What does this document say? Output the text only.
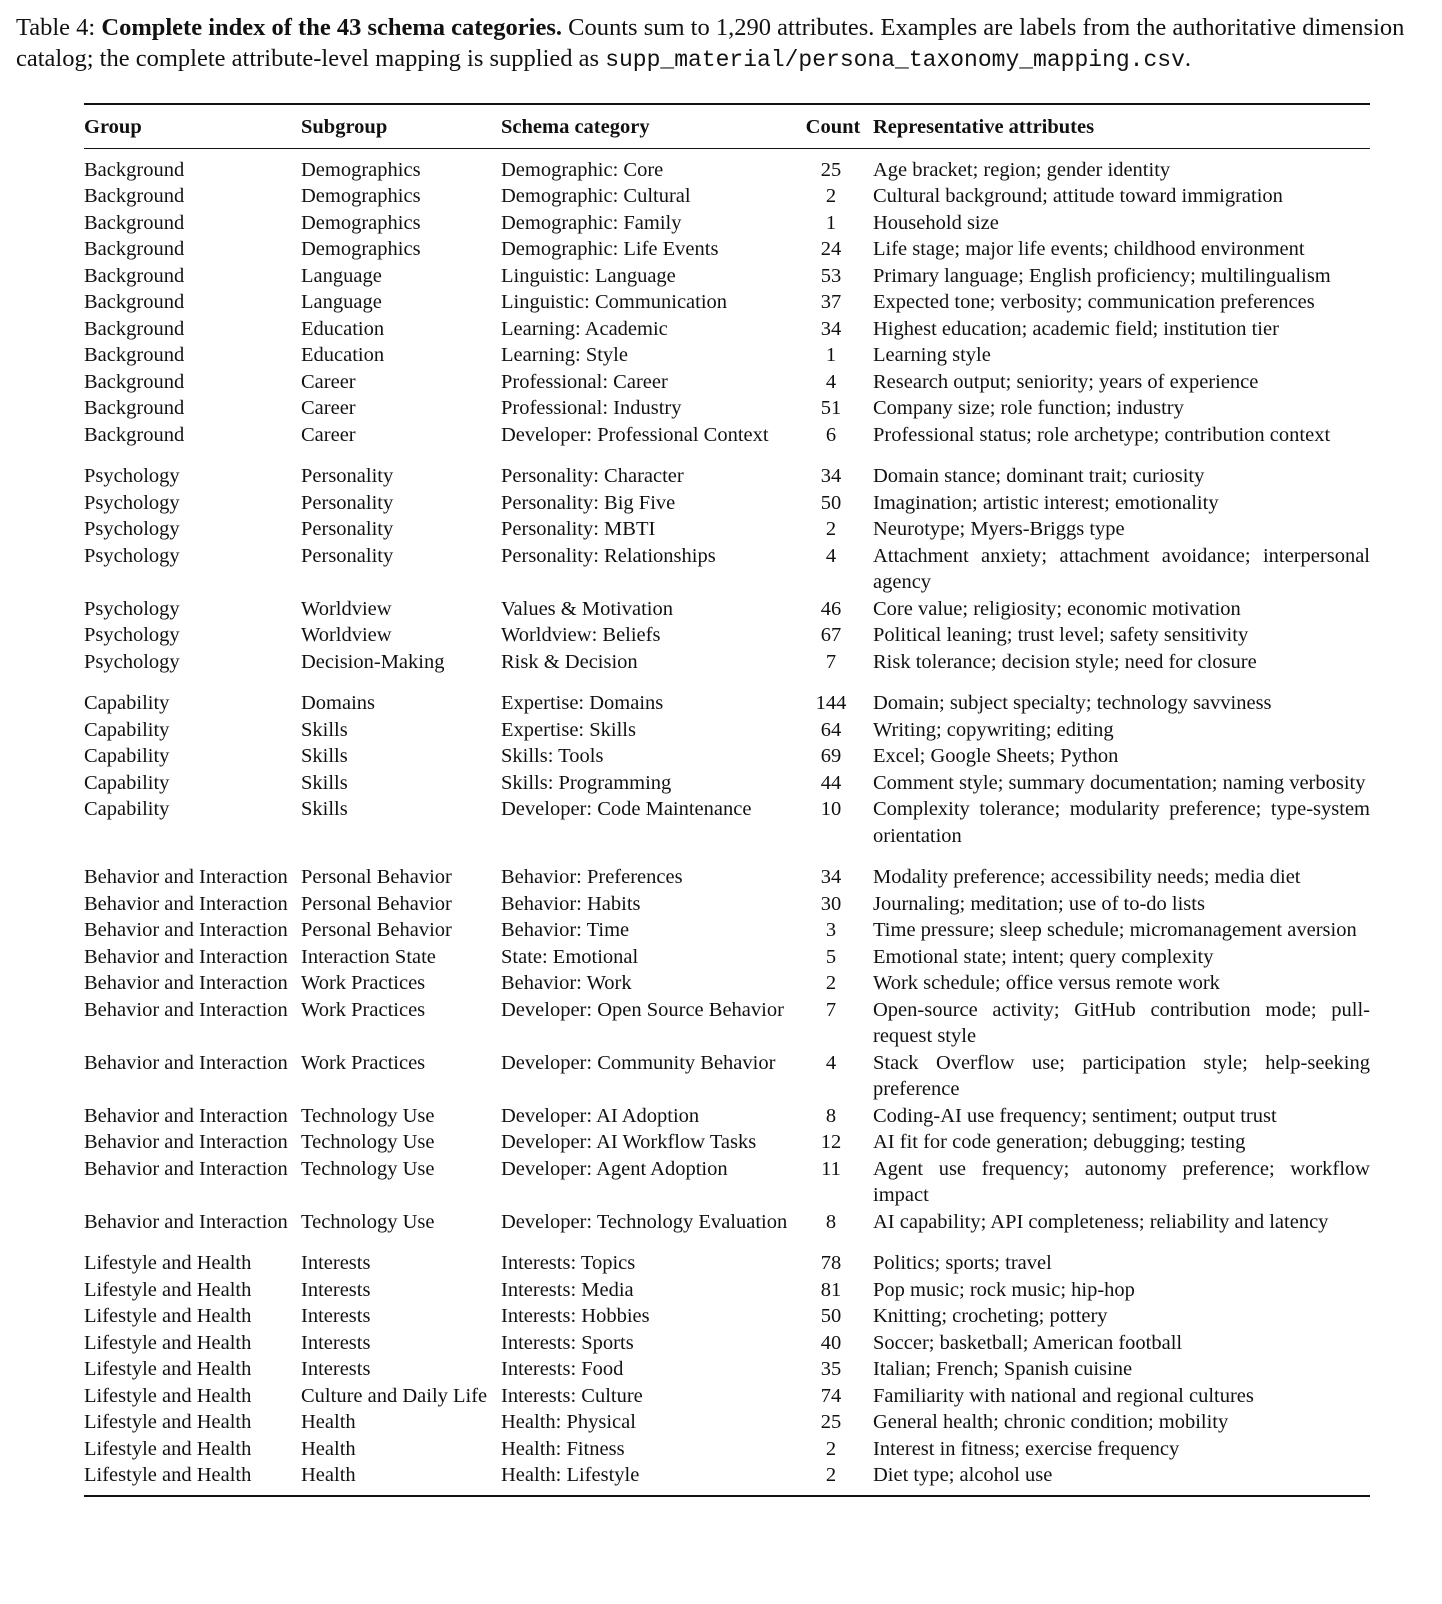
Table 4: Complete index of the 43 schema categories. Counts sum to 1,290 attributes. Examples are labels from the authoritative dimension catalog; the complete attribute-level mapping is supplied as supp_material/persona_taxonomy_mapping.csv.
Group	Subgroup	Schema category	Count	Representative attributes

Background	Demographics	Demographic: Core	25	Age bracket; region; gender identity
Background	Demographics	Demographic: Cultural	2	Cultural background; attitude toward immigration
Background	Demographics	Demographic: Family	1	Household size
Background	Demographics	Demographic: Life Events	24	Life stage; major life events; childhood environment
Background	Language	Linguistic: Language	53	Primary language; English proficiency; multilingualism
Background	Language	Linguistic: Communication	37	Expected tone; verbosity; communication preferences
Background	Education	Learning: Academic	34	Highest education; academic field; institution tier
Background	Education	Learning: Style	1	Learning style
Background	Career	Professional: Career	4	Research output; seniority; years of experience
Background	Career	Professional: Industry	51	Company size; role function; industry
Background	Career	Developer: Professional Context	6	Professional status; role archetype; contribution context

Psychology	Personality	Personality: Character	34	Domain stance; dominant trait; curiosity
Psychology	Personality	Personality: Big Five	50	Imagination; artistic interest; emotionality
Psychology	Personality	Personality: MBTI	2	Neurotype; Myers-Briggs type
Psychology	Personality	Personality: Relationships	4	Attachment anxiety; attachment avoidance; interpersonal agency
Psychology	Worldview	Values & Motivation	46	Core value; religiosity; economic motivation
Psychology	Worldview	Worldview: Beliefs	67	Political leaning; trust level; safety sensitivity
Psychology	Decision-Making	Risk & Decision	7	Risk tolerance; decision style; need for closure

Capability	Domains	Expertise: Domains	144	Domain; subject specialty; technology savviness
Capability	Skills	Expertise: Skills	64	Writing; copywriting; editing
Capability	Skills	Skills: Tools	69	Excel; Google Sheets; Python
Capability	Skills	Skills: Programming	44	Comment style; summary documentation; naming verbosity
Capability	Skills	Developer: Code Maintenance	10	Complexity tolerance; modularity preference; type-system orientation

Behavior and Interaction	Personal Behavior	Behavior: Preferences	34	Modality preference; accessibility needs; media diet
Behavior and Interaction	Personal Behavior	Behavior: Habits	30	Journaling; meditation; use of to-do lists
Behavior and Interaction	Personal Behavior	Behavior: Time	3	Time pressure; sleep schedule; micromanagement aversion
Behavior and Interaction	Interaction State	State: Emotional	5	Emotional state; intent; query complexity
Behavior and Interaction	Work Practices	Behavior: Work	2	Work schedule; office versus remote work
Behavior and Interaction	Work Practices	Developer: Open Source Behavior	7	Open-source activity; GitHub contribution mode; pull-request style
Behavior and Interaction	Work Practices	Developer: Community Behavior	4	Stack Overflow use; participation style; help-seeking preference
Behavior and Interaction	Technology Use	Developer: AI Adoption	8	Coding-AI use frequency; sentiment; output trust
Behavior and Interaction	Technology Use	Developer: AI Workflow Tasks	12	AI fit for code generation; debugging; testing
Behavior and Interaction	Technology Use	Developer: Agent Adoption	11	Agent use frequency; autonomy preference; workflow impact
Behavior and Interaction	Technology Use	Developer: Technology Evaluation	8	AI capability; API completeness; reliability and latency

Lifestyle and Health	Interests	Interests: Topics	78	Politics; sports; travel
Lifestyle and Health	Interests	Interests: Media	81	Pop music; rock music; hip-hop
Lifestyle and Health	Interests	Interests: Hobbies	50	Knitting; crocheting; pottery
Lifestyle and Health	Interests	Interests: Sports	40	Soccer; basketball; American football
Lifestyle and Health	Interests	Interests: Food	35	Italian; French; Spanish cuisine
Lifestyle and Health	Culture and Daily Life	Interests: Culture	74	Familiarity with national and regional cultures
Lifestyle and Health	Health	Health: Physical	25	General health; chronic condition; mobility
Lifestyle and Health	Health	Health: Fitness	2	Interest in fitness; exercise frequency
Lifestyle and Health	Health	Health: Lifestyle	2	Diet type; alcohol use
